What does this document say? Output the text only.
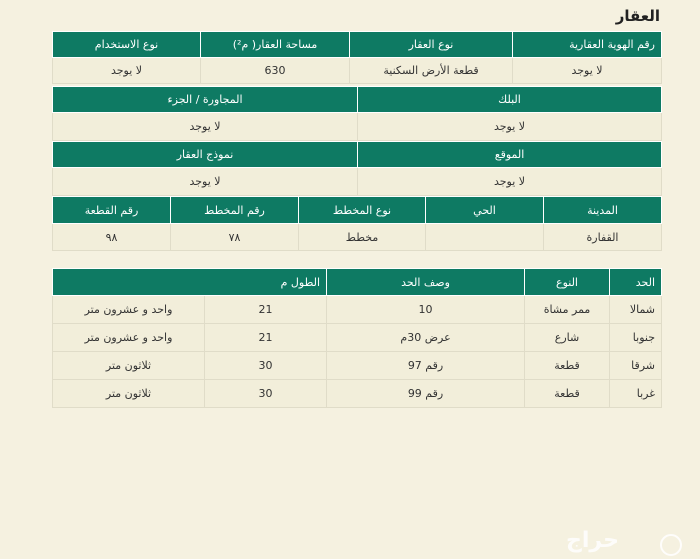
العقار
رقم الهوية العقارية	نوع العقار	مساحة العقار( م²)	نوع الاستخدام
لا يوجد	قطعة الأرض السكنية	630	لا يوجد
البلك	المجاورة / الجزء
لا يوجد	لا يوجد
الموقع	نموذج العقار
لا يوجد	لا يوجد
المدينة	الحي	نوع المخطط	رقم المخطط	رقم القطعة
القفارة		مخطط	٧٨	٩٨
الحد	النوع	وصف الحد	الطول م	
شمالا	ممر مشاة	10	21	واحد و عشرون متر
جنوبا	شارع	عرض 30م	21	واحد و عشرون متر
شرقا	قطعة	رقم 97	30	ثلاثون متر
غربا	قطعة	رقم 99	30	ثلاثون متر
حراج
